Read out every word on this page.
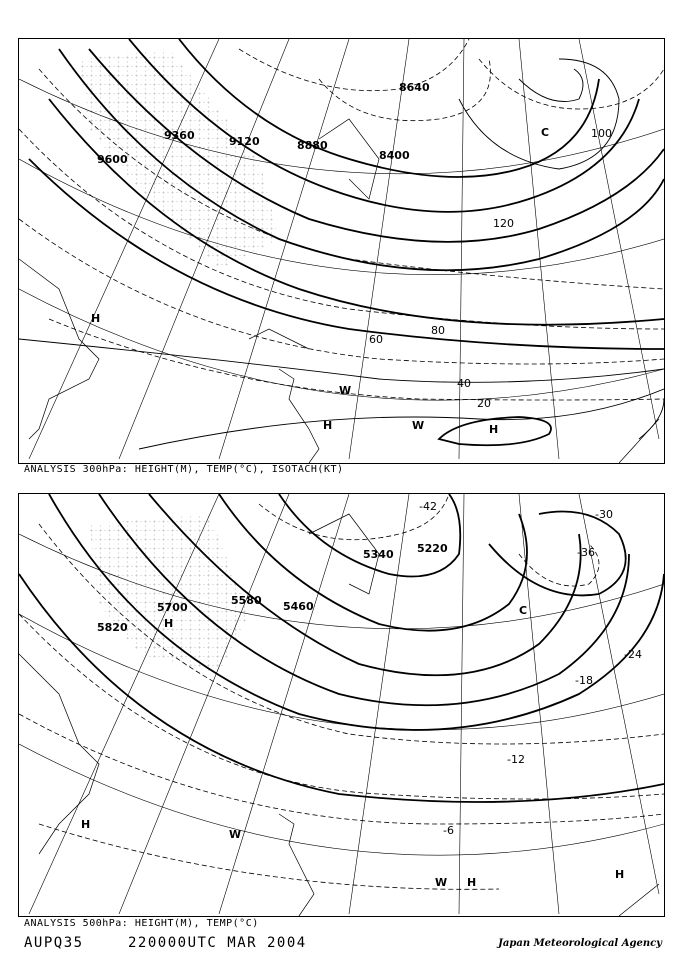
8400
8640
8880
9120
9360
9600
20
40
60
80
100
120
H	H
H
W
W
C
ANALYSIS 300hPa: HEIGHT(M), TEMP(°C), ISOTACH(KT)
5220
5340
5460
5580
5700
5820
-42
-36
-30
-24
-18
-12
-6
H
H
H
H
W
W
C
ANALYSIS 500hPa: HEIGHT(M), TEMP(°C)
AUPQ35	220000UTC MAR 2004	Japan Meteorological Agency
